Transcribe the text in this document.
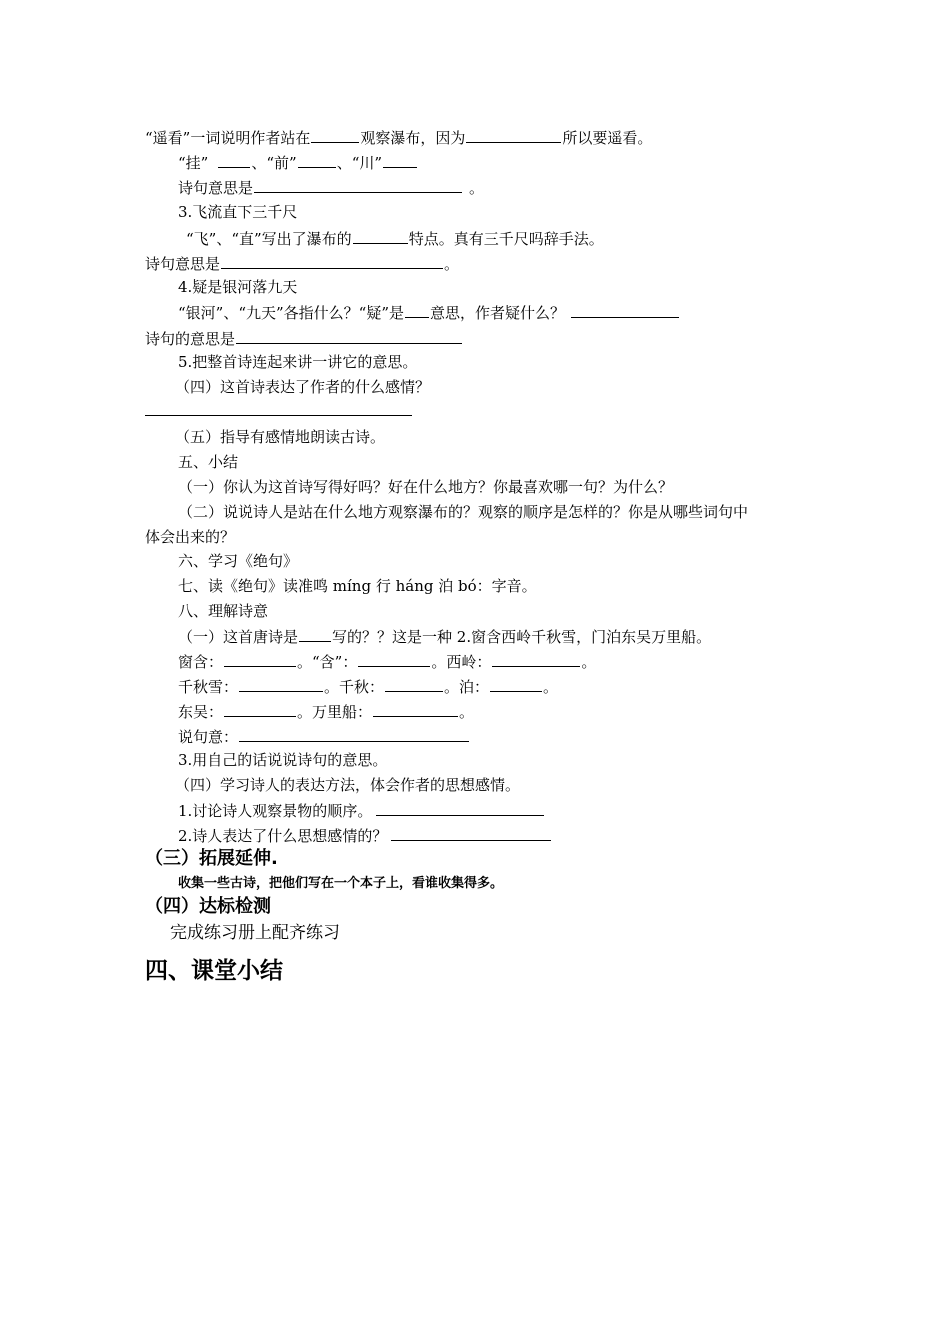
“遥看”一词说明作者站在	观察瀑布，因为	所以要遥看。
“挂”	、“前”	、“川”
诗句意思是	。
3.飞流直下三千尺
“飞”、“直”写出了瀑布的	特点。真有三千尺吗辞手法。
诗句意思是	。
4.疑是银河落九天
“银河”、“九天”各指什么？“疑”是 意思，作者疑什么？
诗句的意思是
5.把整首诗连起来讲一讲它的意思。
（四）这首诗表达了作者的什么感情？
（五）指导有感情地朗读古诗。
五、小结
（一）你认为这首诗写得好吗？好在什么地方？你最喜欢哪一句？为什么？
（二）说说诗人是站在什么地方观察瀑布的？观察的顺序是怎样的？你是从哪些词句中
体会出来的？
六、学习《绝句》
七、读《绝句》读准鸣 míng 行 háng 泊 bó：字音。
八、理解诗意
（一）这首唐诗是 写的？？这是一种 2.窗含西岭千秋雪，门泊东吴万里船。
窗含：	。“含”：	。西岭：	。
千秋雪：	。千秋：	。泊：	。
东吴：	。万里船：	。
说句意：
3.用自己的话说说诗句的意思。
（四）学习诗人的表达方法，体会作者的思想感情。
1.讨论诗人观察景物的顺序。
2.诗人表达了什么思想感情的？
（三）拓展延伸.
收集一些古诗，把他们写在一个本子上，看谁收集得多。
（四）达标检测
完成练习册上配齐练习
四、课堂小结
